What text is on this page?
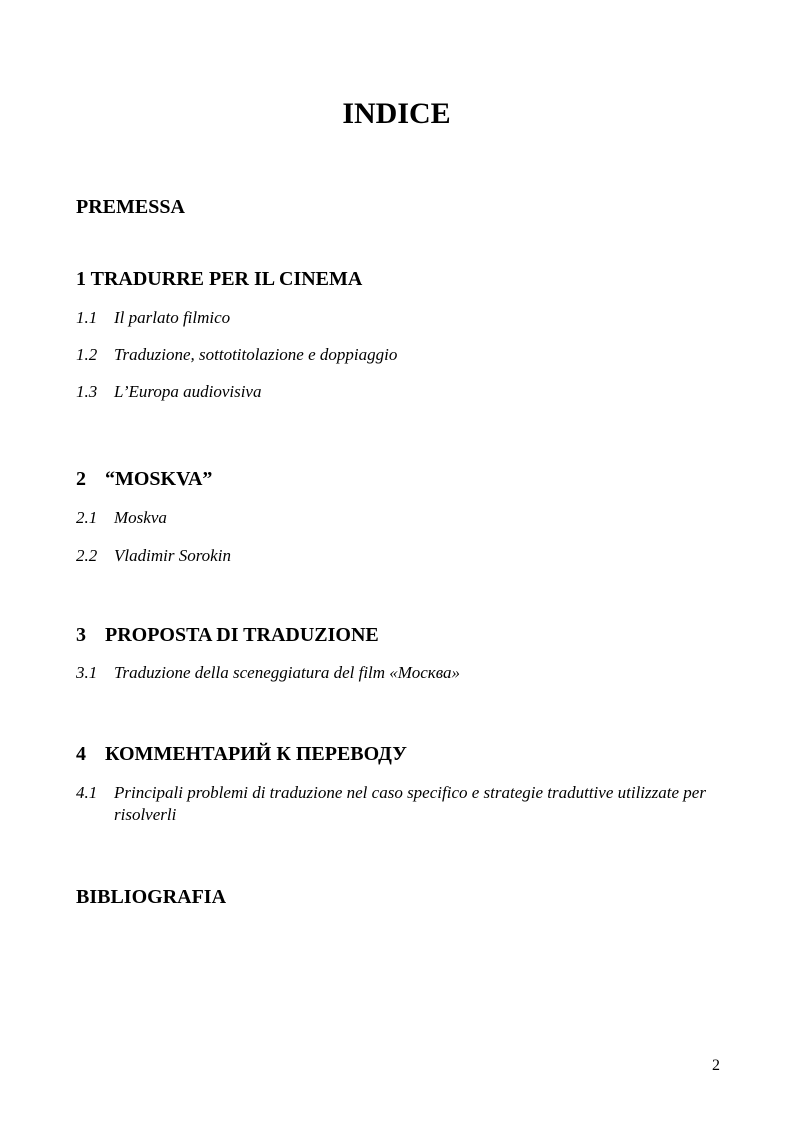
INDICE
PREMESSA
1 TRADURRE PER IL CINEMA
1.1 Il parlato filmico
1.2 Traduzione, sottotitolazione e doppiaggio
1.3 L’Europa audiovisiva
2 “MOSKVA”
2.1 Moskva
2.2 Vladimir Sorokin
3 PROPOSTA DI TRADUZIONE
3.1 Traduzione della sceneggiatura del film «Москва»
4 КОММЕНТАРИЙ К ПЕРЕВОДУ
4.1 Principali problemi di traduzione nel caso specifico e strategie traduttive utilizzate per risolverli
BIBLIOGRAFIA
2
